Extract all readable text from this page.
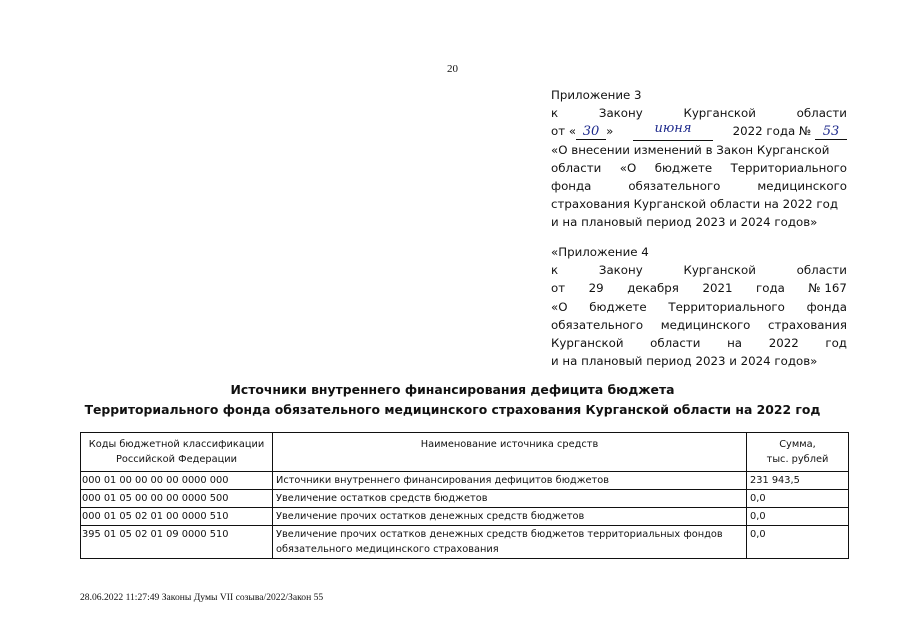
20
Приложение 3
к	Закону	Курганской	области
от « 30 »	июня	2022 года № 53
«О внесении изменений в Закон Курганской
области «О бюджете Территориального
фонда	обязательного	медицинского
страхования Курганской области на 2022 год
и на плановый период 2023 и 2024 годов»
«Приложение 4
к	Закону	Курганской	области
от 29 декабря 2021 года № 167
«О бюджете Территориального фонда
обязательного медицинского страхования
Курганской области на 2022 год
и на плановый период 2023 и 2024 годов»
Источники внутреннего финансирования дефицита бюджета
Территориального фонда обязательного медицинского страхования Курганской области на 2022 год
Коды бюджетной классификации Российской Федерации	Наименование источника средств	Сумма,
тыс. рублей

000 01 00 00 00 00 0000 000	Источники внутреннего финансирования дефицитов бюджетов	231 943,5
000 01 05 00 00 00 0000 500	Увеличение остатков средств бюджетов	0,0
000 01 05 02 01 00 0000 510	Увеличение прочих остатков денежных средств бюджетов	0,0
395 01 05 02 01 09 0000 510	Увеличение прочих остатков денежных средств бюджетов территориальных фондов обязательного медицинского страхования	0,0
28.06.2022 11:27:49 Законы Думы VII созыва/2022/Закон 55
